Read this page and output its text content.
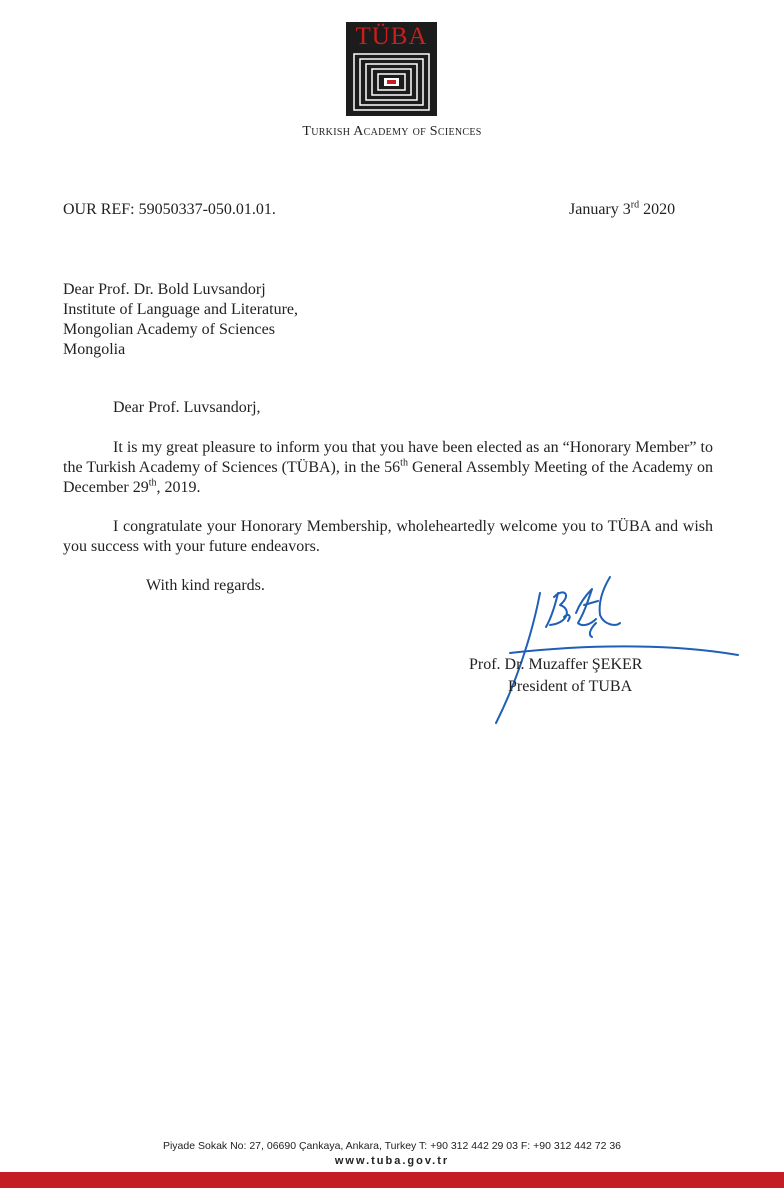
TÜBA
Turkish Academy of Sciences
OUR REF: 59050337-050.01.01.	January 3rd 2020
Dear Prof. Dr. Bold Luvsandorj
Institute of Language and Literature,
Mongolian Academy of Sciences
Mongolia
Dear Prof. Luvsandorj,
It is my great pleasure to inform you that you have been elected as an “Honorary Member” to the Turkish Academy of Sciences (TÜBA), in the 56th General Assembly Meeting of the Academy on December 29th, 2019.
I congratulate your Honorary Membership, wholeheartedly welcome you to TÜBA and wish you success with your future endeavors.
With kind regards.
Prof. Dr. Muzaffer ŞEKER
President of TUBA
Piyade Sokak No: 27, 06690 Çankaya, Ankara, Turkey T: +90 312 442 29 03 F: +90 312 442 72 36
www.tuba.gov.tr
